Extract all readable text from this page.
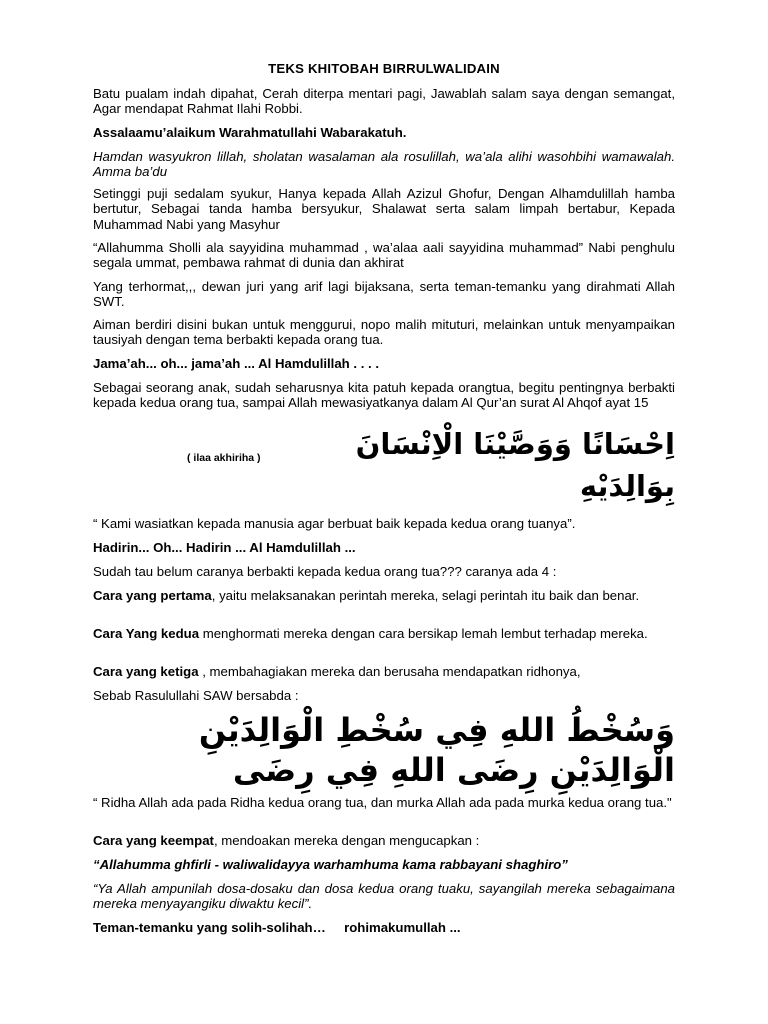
TEKS KHITOBAH BIRRULWALIDAIN

Batu pualam indah dipahat, Cerah diterpa mentari pagi, Jawablah salam saya dengan semangat, Agar mendapat Rahmat Ilahi Robbi.

Assalaamu’alaikum Warahmatullahi Wabarakatuh.

Hamdan wasyukron lillah, sholatan wasalaman ala rosulillah, wa’ala alihi wasohbihi wamawalah. Amma ba’du

Setinggi puji sedalam syukur, Hanya kepada Allah Azizul Ghofur, Dengan Alhamdulillah hamba bertutur, Sebagai tanda hamba bersyukur, Shalawat serta salam limpah bertabur, Kepada Muhammad Nabi yang Masyhur

“Allahumma Sholli ala sayyidina muhammad , wa’alaa aali sayyidina muhammad” Nabi penghulu segala ummat, pembawa rahmat di dunia dan akhirat

Yang terhormat,,, dewan juri yang arif lagi bijaksana, serta teman-temanku yang dirahmati Allah SWT.

Aiman berdiri disini bukan untuk menggurui, nopo malih mituturi, melainkan untuk menyampaikan tausiyah dengan tema berbakti kepada orang tua.

Jama’ah... oh... jama’ah ... Al Hamdulillah . . . .

Sebagai seorang anak, sudah seharusnya kita patuh kepada orangtua, begitu pentingnya berbakti kepada kedua orang tua, sampai Allah mewasiyatkanya dalam Al Qur’an surat Al Ahqof ayat 15

( ilaa akhiriha )	اِحْسَانًا وَوَصَّيْنَا الْاِنْسَانَ
بِوَالِدَيْهِ

“ Kami wasiatkan kepada manusia agar berbuat baik kepada kedua orang tuanya”.

Hadirin... Oh... Hadirin ... Al Hamdulillah ...

Sudah tau belum caranya berbakti kepada kedua orang tua??? caranya ada 4 :

Cara yang pertama, yaitu melaksanakan perintah mereka, selagi perintah itu baik dan benar.

Cara Yang kedua menghormati mereka dengan cara bersikap lemah lembut terhadap mereka.

Cara yang ketiga , membahagiakan mereka dan berusaha mendapatkan ridhonya,

Sebab Rasulullahi SAW bersabda :

وَسُخْطُ اللهِ فِي سُخْطِ الْوَالِدَيْنِ
الْوَالِدَيْنِ رِضَى اللهِ فِي رِضَى

“ Ridha Allah ada pada Ridha kedua orang tua, dan murka Allah ada pada murka kedua orang tua."

Cara yang keempat, mendoakan mereka dengan mengucapkan :

“Allahumma ghfirli - waliwalidayya warhamhuma kama rabbayani shaghiro”

“Ya Allah ampunilah dosa-dosaku dan dosa kedua orang tuaku, sayangilah mereka sebagaimana mereka menyayangiku diwaktu kecil”.

Teman-temanku yang solih-solihah…     rohimakumullah ...
